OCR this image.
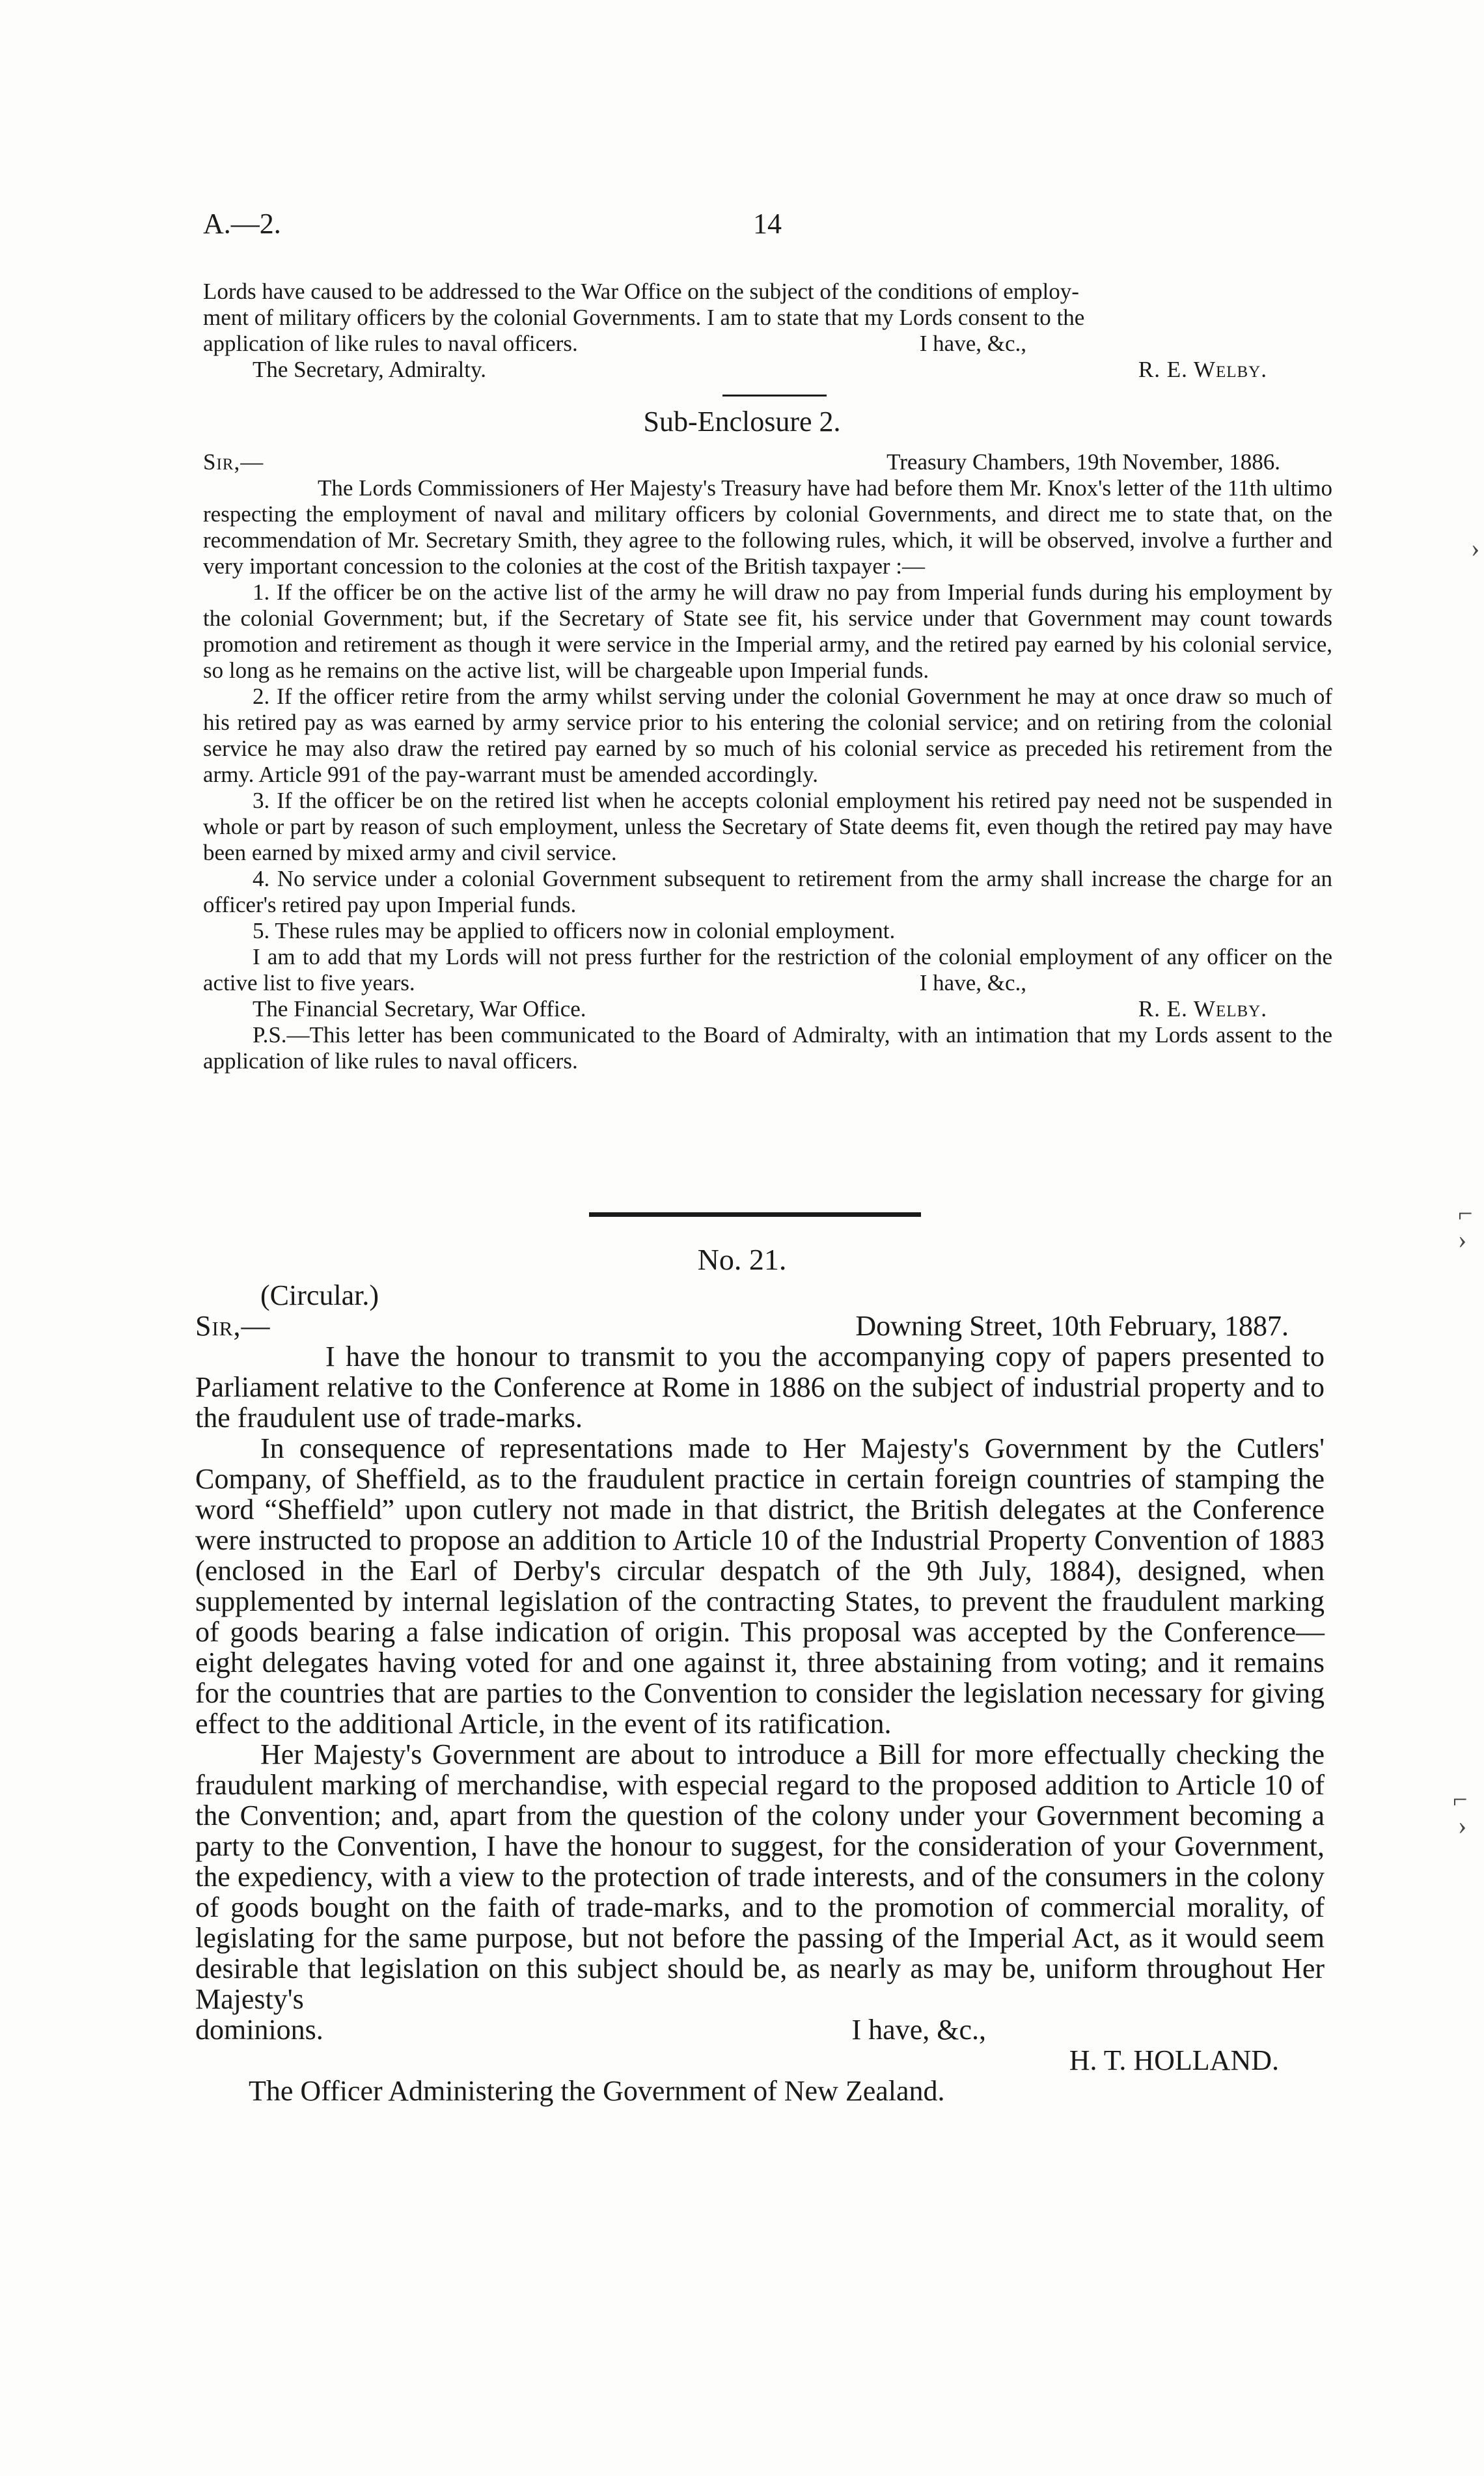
A.—2.	14

Lords have caused to be addressed to the War Office on the subject of the conditions of employ-

ment of military officers by the colonial Governments. I am to state that my Lords consent to the

application of like rules to naval officers.	I have, &c.,
The Secretary, Admiralty.	R. E. Welby.
Sub-Enclosure 2.
Sir,—	Treasury Chambers, 19th November, 1886.

The Lords Commissioners of Her Majesty's Treasury have had before them Mr. Knox's letter of the 11th ultimo respecting the employment of naval and military officers by colonial Governments, and direct me to state that, on the recommendation of Mr. Secretary Smith, they agree to the following rules, which, it will be observed, involve a further and very important concession to the colonies at the cost of the British taxpayer :—

1. If the officer be on the active list of the army he will draw no pay from Imperial funds during his employment by the colonial Government; but, if the Secretary of State see fit, his service under that Government may count towards promotion and retirement as though it were service in the Imperial army, and the retired pay earned by his colonial service, so long as he remains on the active list, will be chargeable upon Imperial funds.

2. If the officer retire from the army whilst serving under the colonial Government he may at once draw so much of his retired pay as was earned by army service prior to his entering the colonial service; and on retiring from the colonial service he may also draw the retired pay earned by so much of his colonial service as preceded his retirement from the army. Article 991 of the pay-warrant must be amended accordingly.

3. If the officer be on the retired list when he accepts colonial employment his retired pay need not be suspended in whole or part by reason of such employment, unless the Secretary of State deems fit, even though the retired pay may have been earned by mixed army and civil service.

4. No service under a colonial Government subsequent to retirement from the army shall increase the charge for an officer's retired pay upon Imperial funds.

5. These rules may be applied to officers now in colonial employment.

I am to add that my Lords will not press further for the restriction of the colonial employment of any officer on the active list to five years.	I have, &c.,

The Financial Secretary, War Office.	R. E. Welby.

P.S.—This letter has been communicated to the Board of Admiralty, with an intimation that my Lords assent to the application of like rules to naval officers.

No. 21.

(Circular.)

Sir,—	Downing Street, 10th February, 1887.

I have the honour to transmit to you the accompanying copy of papers presented to Parliament relative to the Conference at Rome in 1886 on the subject of industrial property and to the fraudulent use of trade-marks.

In consequence of representations made to Her Majesty's Government by the Cutlers' Company, of Sheffield, as to the fraudulent practice in certain foreign countries of stamping the word “Sheffield” upon cutlery not made in that district, the British delegates at the Conference were instructed to propose an addition to Article 10 of the Industrial Property Convention of 1883 (enclosed in the Earl of Derby's circular despatch of the 9th July, 1884), designed, when supplemented by internal legislation of the contracting States, to prevent the fraudulent marking of goods bearing a false indication of origin. This proposal was accepted by the Conference—eight delegates having voted for and one against it, three abstaining from voting; and it remains for the countries that are parties to the Convention to consider the legislation necessary for giving effect to the additional Article, in the event of its ratification.

Her Majesty's Government are about to introduce a Bill for more effectually checking the fraudulent marking of merchandise, with especial regard to the proposed addition to Article 10 of the Convention; and, apart from the question of the colony under your Government becoming a party to the Convention, I have the honour to suggest, for the consideration of your Government, the expediency, with a view to the protection of trade interests, and of the consumers in the colony of goods bought on the faith of trade-marks, and to the promotion of commercial morality, of legislating for the same purpose, but not before the passing of the Imperial Act, as it would seem desirable that legislation on this subject should be, as nearly as may be, uniform throughout Her Majesty's

dominions.	I have, &c.,

H. T. HOLLAND.

The Officer Administering the Government of New Zealand.

›
⌐
›
⌐
›
